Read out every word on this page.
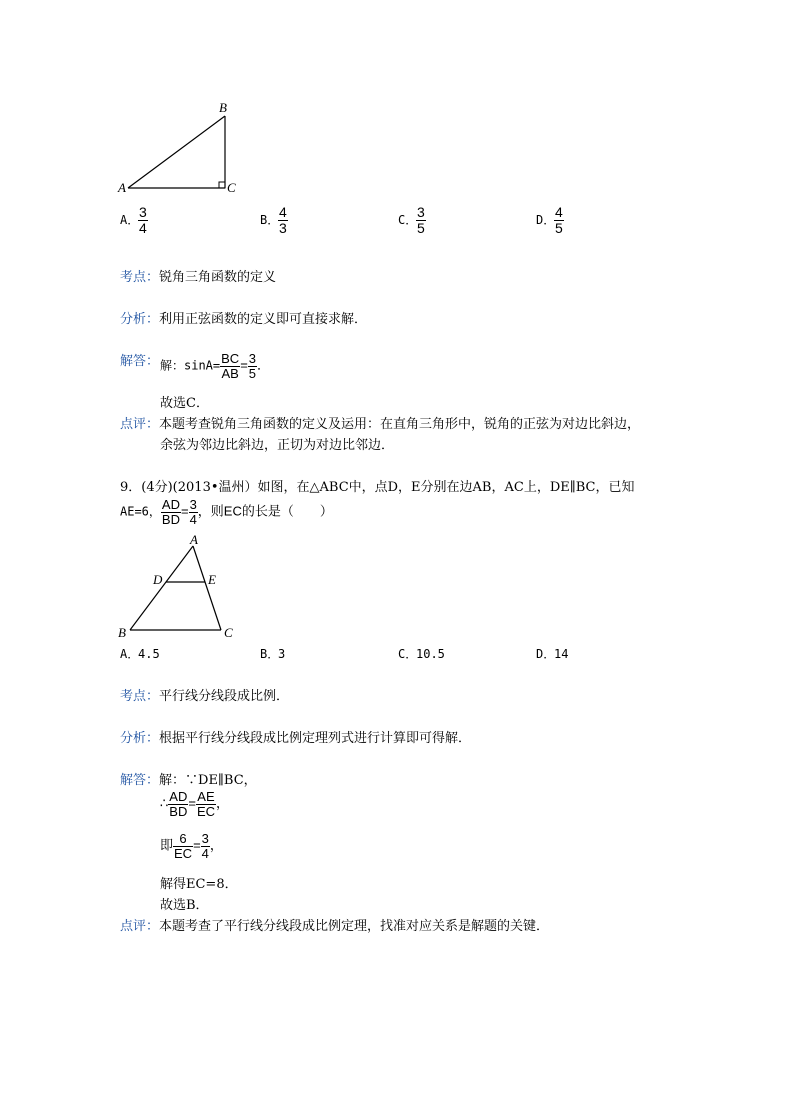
A
B
C
A．
$\frac{3}{4}$	B．
$\frac{4}{3}$	C．
$\frac{3}{5}$	D．
$\frac{4}{5}$
考点：锐角三角函数的定义
分析：利用正弦函数的定义即可直接求解．
解答： 解：$\sin A= \frac{BC}{AB} = \frac{3}{5}$ ．
故选C．
点评：本题考查锐角三角函数的定义及运用：在直角三角形中，锐角的正弦为对边比斜边，
余弦为邻边比斜边，正切为对边比邻边．
9．(4分)(2013•温州）如图，在△ABC中，点D，E分别在边AB，AC上，DE∥BC，已知
AE=6， $\frac{AD}{BD} = \frac{3}{4}$ ，则EC的长是（　　）
A
B	C
D	E
A．4.5	B．3	C．10.5	D．14
考点：平行线分线段成比例．
分析：根据平行线分线段成比例定理列式进行计算即可得解．
解答：解：∵DE∥BC，
∴ $\frac{AD}{BD} = \frac{AE}{EC}$ ，
即 $\frac{6}{EC} = \frac{3}{4}$ ，
解得EC=8．
故选B．
点评：本题考查了平行线分线段成比例定理，找准对应关系是解题的关键．
